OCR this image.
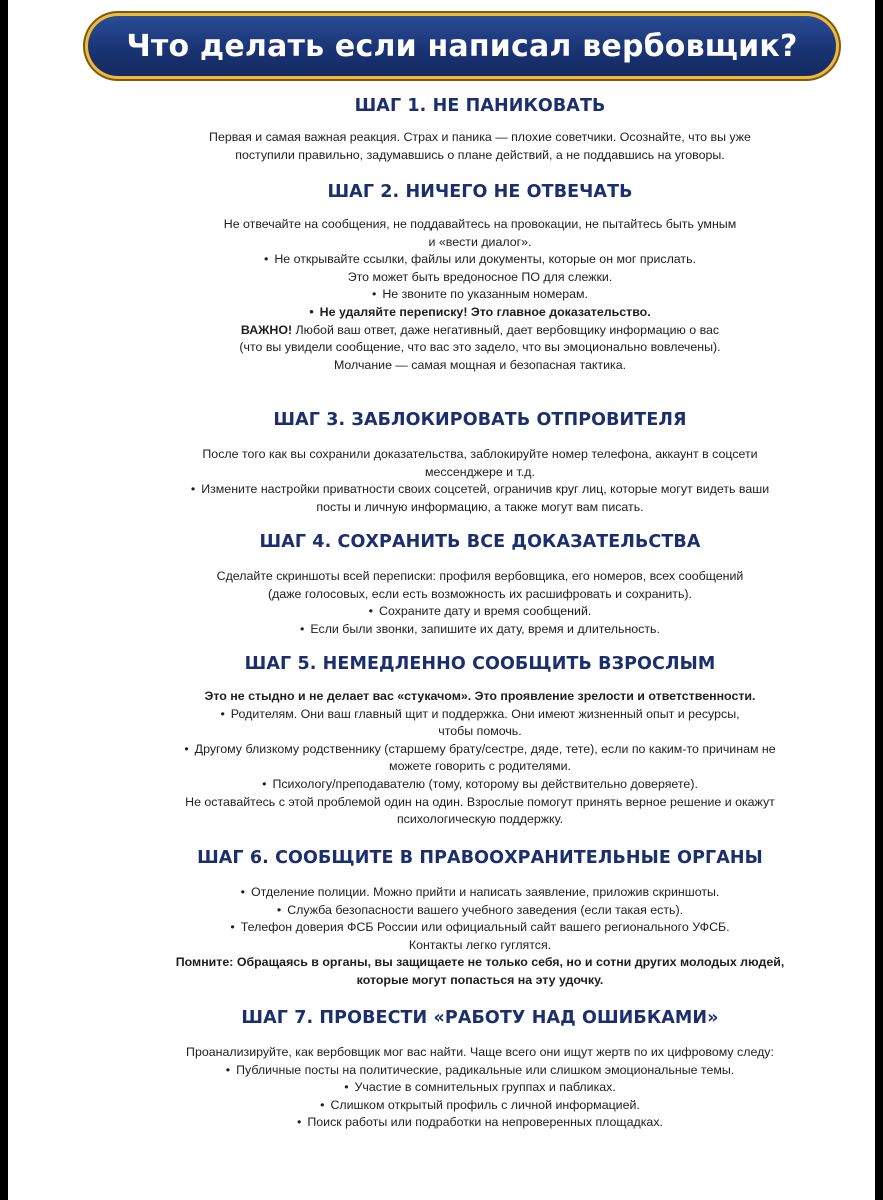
Что делать если написал вербовщик?
ШАГ 1. НЕ ПАНИКОВАТЬ
Первая и самая важная реакция. Страх и паника — плохие советчики. Осознайте, что вы уже
поступили правильно, задумавшись о плане действий, а не поддавшись на уговоры.
ШАГ 2. НИЧЕГО НЕ ОТВЕЧАТЬ
Не отвечайте на сообщения, не поддавайтесь на провокации, не пытайтесь быть умным
и «вести диалог».
• Не открывайте ссылки, файлы или документы, которые он мог прислать.
Это может быть вредоносное ПО для слежки.
• Не звоните по указанным номерам.
• Не удаляйте переписку! Это главное доказательство.
ВАЖНО! Любой ваш ответ, даже негативный, дает вербовщику информацию о вас
(что вы увидели сообщение, что вас это задело, что вы эмоционально вовлечены).
Молчание — самая мощная и безопасная тактика.
ШАГ 3. ЗАБЛОКИРОВАТЬ ОТПРОВИТЕЛЯ
После того как вы сохранили доказательства, заблокируйте номер телефона, аккаунт в соцсети
мессенджере и т.д.
• Измените настройки приватности своих соцсетей, ограничив круг лиц, которые могут видеть ваши
посты и личную информацию, а также могут вам писать.
ШАГ 4. СОХРАНИТЬ ВСЕ ДОКАЗАТЕЛЬСТВА
Сделайте скриншоты всей переписки: профиля вербовщика, его номеров, всех сообщений
(даже голосовых, если есть возможность их расшифровать и сохранить).
• Сохраните дату и время сообщений.
• Если были звонки, запишите их дату, время и длительность.
ШАГ 5. НЕМЕДЛЕННО СООБЩИТЬ ВЗРОСЛЫМ
Это не стыдно и не делает вас «стукачом». Это проявление зрелости и ответственности.
• Родителям. Они ваш главный щит и поддержка. Они имеют жизненный опыт и ресурсы,
чтобы помочь.
• Другому близкому родственнику (старшему брату/сестре, дяде, тете), если по каким-то причинам не
можете говорить с родителями.
• Психологу/преподавателю (тому, которому вы действительно доверяете).
Не оставайтесь с этой проблемой один на один. Взрослые помогут принять верное решение и окажут
психологическую поддержку.
ШАГ 6. СООБЩИТЕ В ПРАВООХРАНИТЕЛЬНЫЕ ОРГАНЫ
• Отделение полиции. Можно прийти и написать заявление, приложив скриншоты.
• Служба безопасности вашего учебного заведения (если такая есть).
• Телефон доверия ФСБ России или официальный сайт вашего регионального УФСБ.
Контакты легко гуглятся.
Помните: Обращаясь в органы, вы защищаете не только себя, но и сотни других молодых людей,
которые могут попасться на эту удочку.
ШАГ 7. ПРОВЕСТИ «РАБОТУ НАД ОШИБКАМИ»
Проанализируйте, как вербовщик мог вас найти. Чаще всего они ищут жертв по их цифровому следу:
• Публичные посты на политические, радикальные или слишком эмоциональные темы.
• Участие в сомнительных группах и пабликах.
• Слишком открытый профиль с личной информацией.
• Поиск работы или подработки на непроверенных площадках.
